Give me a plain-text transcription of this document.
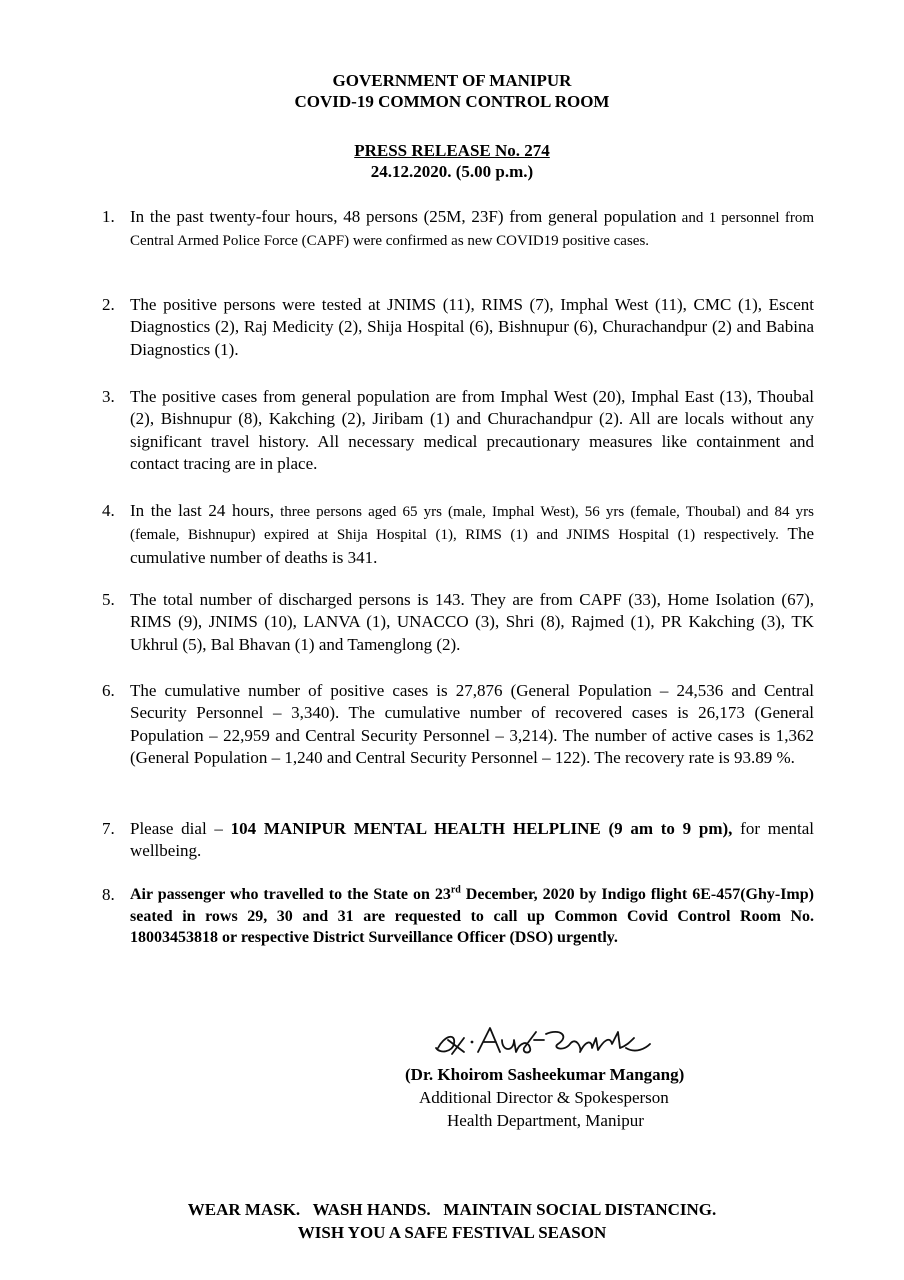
GOVERNMENT OF MANIPUR
COVID-19 COMMON CONTROL ROOM
PRESS RELEASE No. 274
24.12.2020. (5.00 p.m.)
1. In the past twenty-four hours, 48 persons (25M, 23F) from general population and 1 personnel from Central Armed Police Force (CAPF) were confirmed as new COVID19 positive cases.
2. The positive persons were tested at JNIMS (11), RIMS (7), Imphal West (11), CMC (1), Escent Diagnostics (2), Raj Medicity (2), Shija Hospital (6), Bishnupur (6), Churachandpur (2) and Babina Diagnostics (1).
3. The positive cases from general population are from Imphal West (20), Imphal East (13), Thoubal (2), Bishnupur (8), Kakching (2), Jiribam (1) and Churachandpur (2). All are locals without any significant travel history. All necessary medical precautionary measures like containment and contact tracing are in place.
4. In the last 24 hours, three persons aged 65 yrs (male, Imphal West), 56 yrs (female, Thoubal) and 84 yrs (female, Bishnupur) expired at Shija Hospital (1), RIMS (1) and JNIMS Hospital (1) respectively. The cumulative number of deaths is 341.
5. The total number of discharged persons is 143. They are from CAPF (33), Home Isolation (67), RIMS (9), JNIMS (10), LANVA (1), UNACCO (3), Shri (8), Rajmed (1), PR Kakching (3), TK Ukhrul (5), Bal Bhavan (1) and Tamenglong (2).
6. The cumulative number of positive cases is 27,876 (General Population – 24,536 and Central Security Personnel – 3,340). The cumulative number of recovered cases is 26,173 (General Population – 22,959 and Central Security Personnel – 3,214). The number of active cases is 1,362 (General Population – 1,240 and Central Security Personnel – 122). The recovery rate is 93.89 %.
7. Please dial – 104 MANIPUR MENTAL HEALTH HELPLINE (9 am to 9 pm), for mental wellbeing.
8. Air passenger who travelled to the State on 23rd December, 2020 by Indigo flight 6E-457(Ghy-Imp) seated in rows 29, 30 and 31 are requested to call up Common Covid Control Room No. 18003453818 or respective District Surveillance Officer (DSO) urgently.
(Dr. Khoirom Sasheekumar Mangang)
Additional Director & Spokesperson
Health Department, Manipur
WEAR MASK.   WASH HANDS.   MAINTAIN SOCIAL DISTANCING.
WISH YOU A SAFE FESTIVAL SEASON
